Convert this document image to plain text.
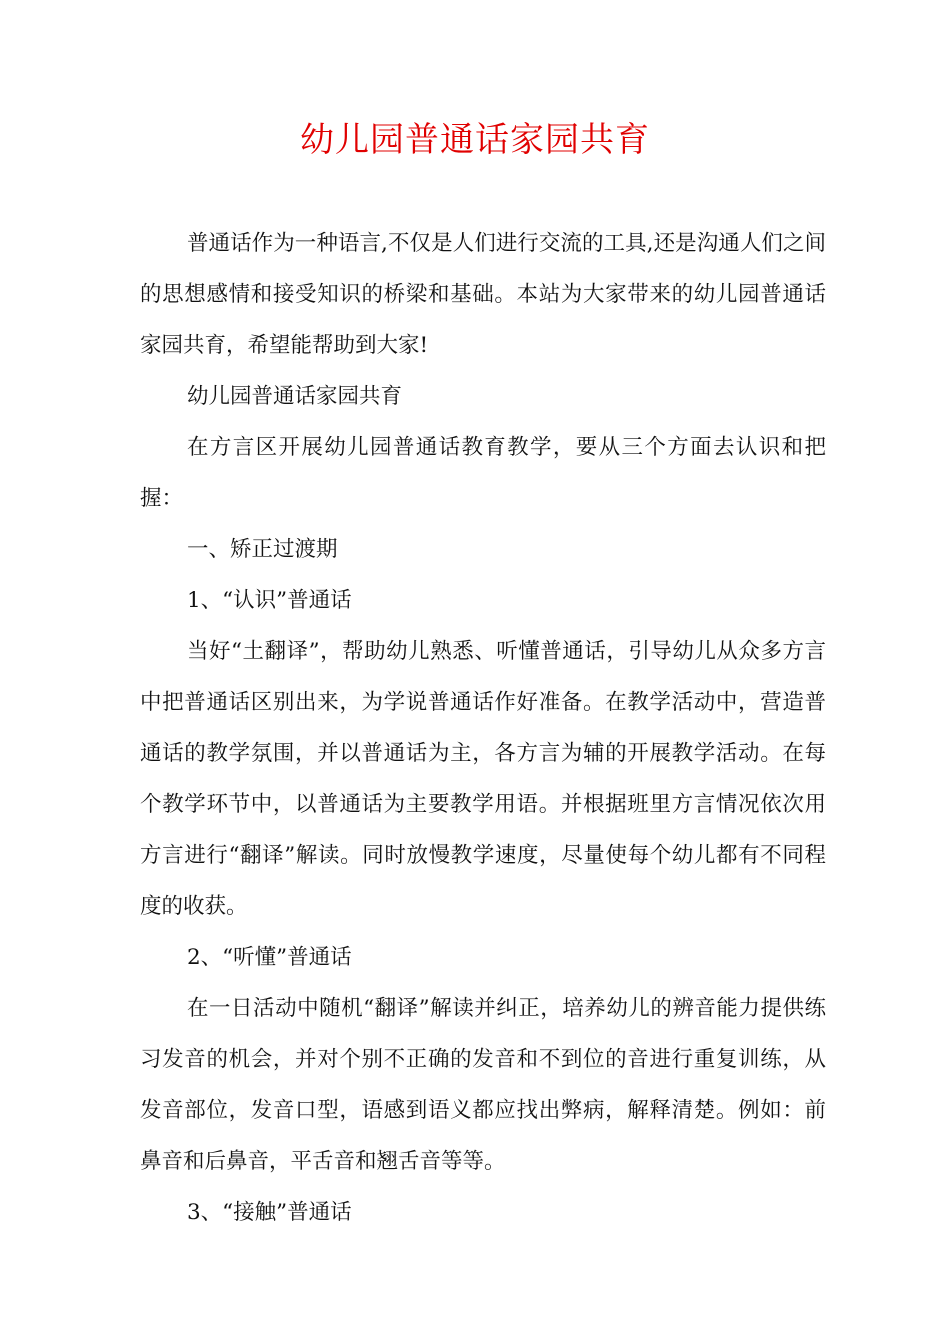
幼儿园普通话家园共育

普通话作为一种语言,不仅是人们进行交流的工具,还是沟通人们之间的思想感情和接受知识的桥梁和基础。本站为大家带来的幼儿园普通话家园共育，希望能帮助到大家!

幼儿园普通话家园共育

在方言区开展幼儿园普通话教育教学，要从三个方面去认识和把握：

一、矫正过渡期

1、“认识”普通话

当好“土翻译”，帮助幼儿熟悉、听懂普通话，引导幼儿从众多方言中把普通话区别出来，为学说普通话作好准备。在教学活动中，营造普通话的教学氛围，并以普通话为主，各方言为辅的开展教学活动。在每个教学环节中，以普通话为主要教学用语。并根据班里方言情况依次用方言进行“翻译”解读。同时放慢教学速度，尽量使每个幼儿都有不同程度的收获。

2、“听懂”普通话

在一日活动中随机“翻译”解读并纠正，培养幼儿的辨音能力提供练习发音的机会，并对个别不正确的发音和不到位的音进行重复训练，从发音部位，发音口型，语感到语义都应找出弊病，解释清楚。例如：前鼻音和后鼻音，平舌音和翘舌音等等。

3、“接触”普通话
